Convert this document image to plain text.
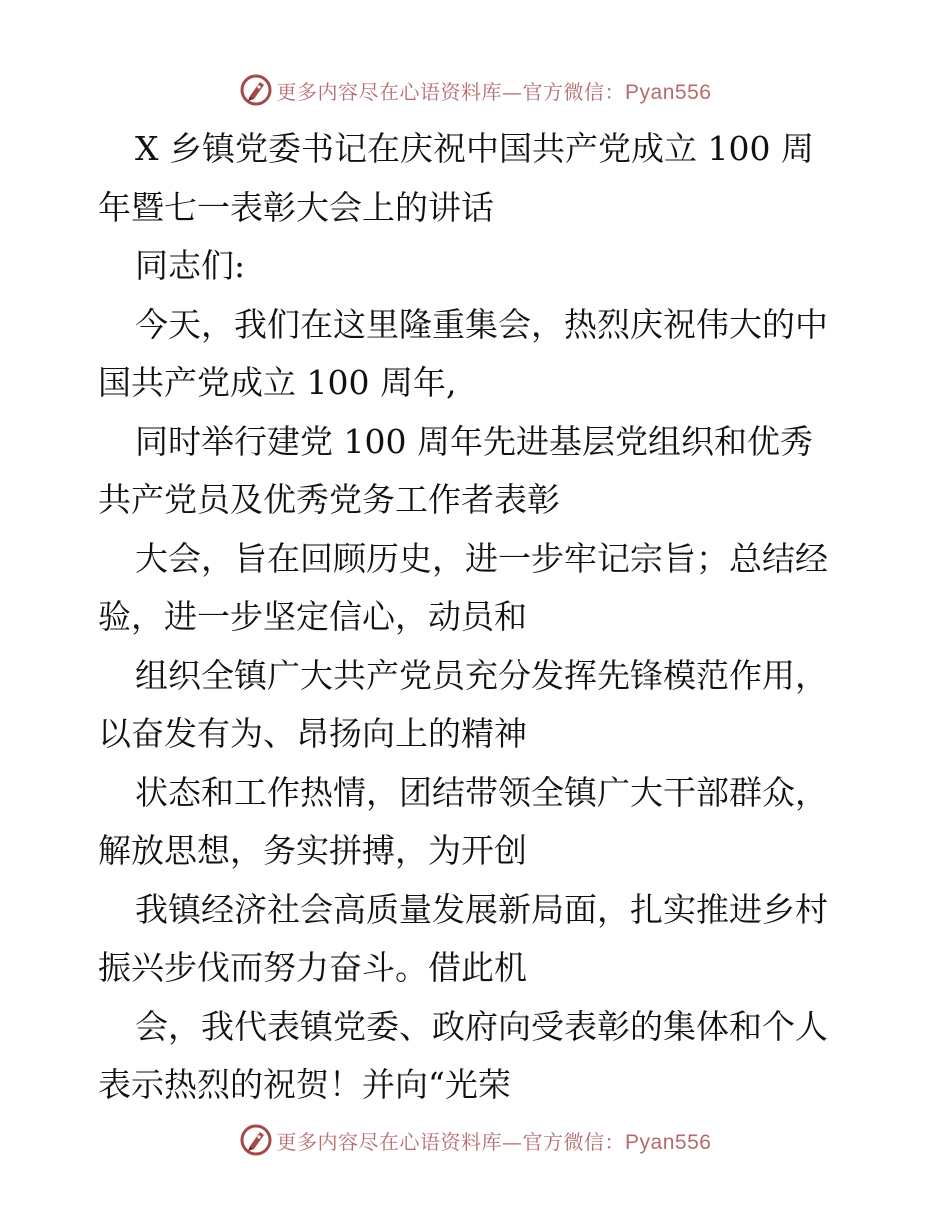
更多内容尽在心语资料库—官方微信：Pyan556
X 乡镇党委书记在庆祝中国共产党成立 100 周
年暨七一表彰大会上的讲话
同志们:
今天，我们在这里隆重集会，热烈庆祝伟大的中
国共产党成立 100 周年,
同时举行建党 100 周年先进基层党组织和优秀
共产党员及优秀党务工作者表彰
大会，旨在回顾历史，进一步牢记宗旨；总结经
验，进一步坚定信心，动员和
组织全镇广大共产党员充分发挥先锋模范作用，
以奋发有为、昂扬向上的精神
状态和工作热情，团结带领全镇广大干部群众，
解放思想，务实拼搏，为开创
我镇经济社会高质量发展新局面，扎实推进乡村
振兴步伐而努力奋斗。借此机
会，我代表镇党委、政府向受表彰的集体和个人
表示热烈的祝贺！并向“光荣
更多内容尽在心语资料库—官方微信：Pyan556
